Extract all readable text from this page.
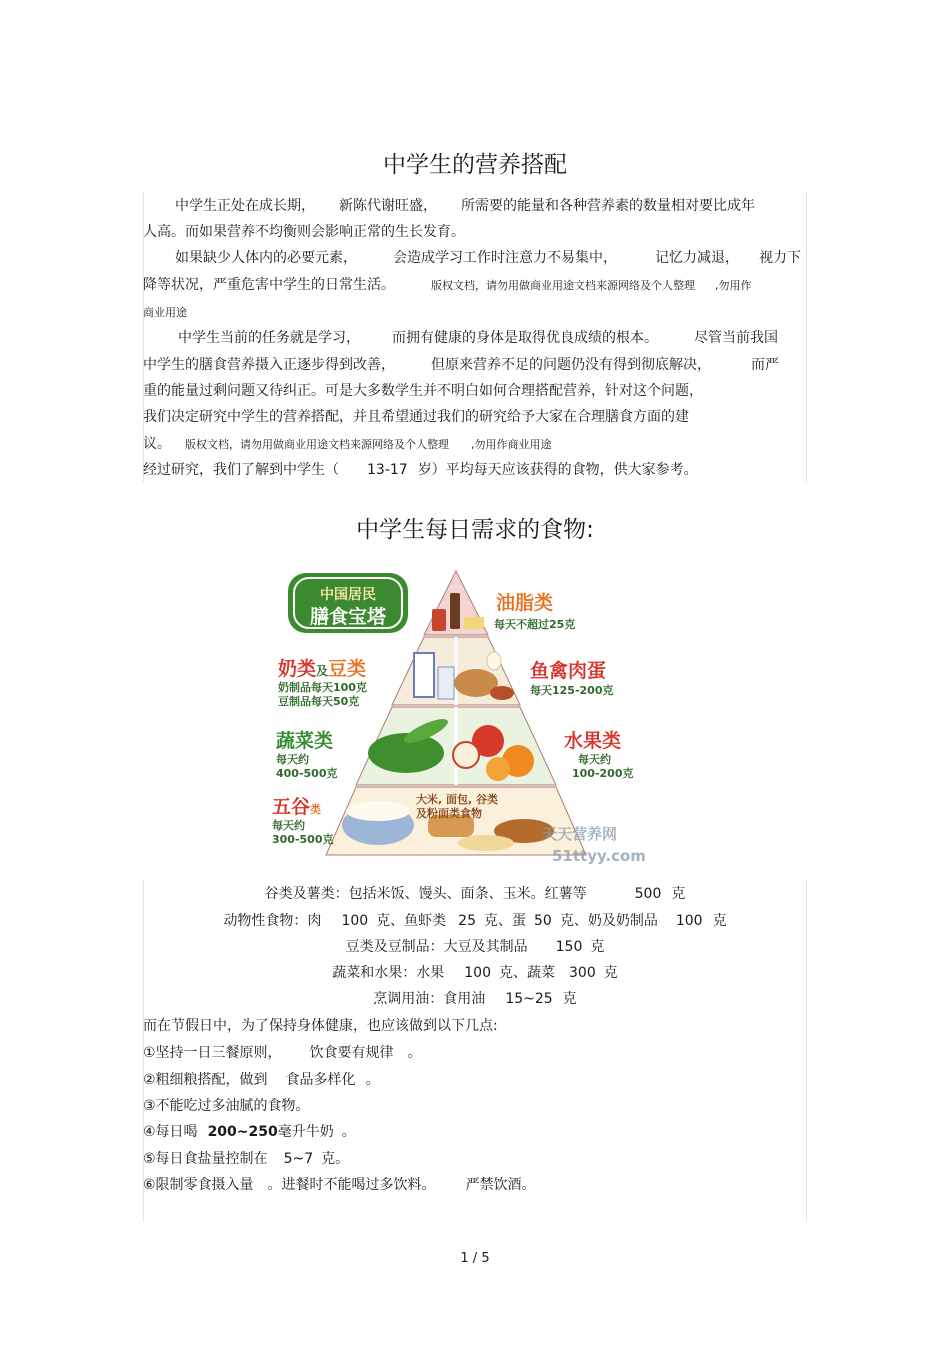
中学生的营养搭配
中学生正处在成长期， 新陈代谢旺盛， 所需要的能量和各种营养素的数量相对要比成年
人高。而如果营养不均衡则会影响正常的生长发育。
如果缺少人体内的必要元素，	会造成学习工作时注意力不易集中，	记忆力减退， 视力下
降等状况，严重危害中学生的日常生活。	版权文档，请勿用做商业用途文档来源网络及个人整理 ,勿用作
商业用途
中学生当前的任务就是学习， 而拥有健康的身体是取得优良成绩的根本。	尽管当前我国
中学生的膳食营养摄入正逐步得到改善，	但原来营养不足的问题仍没有得到彻底解决，	而严
重的能量过剩问题又待纠正。可是大多数学生并不明白如何合理搭配营养，针对这个问题，
我们决定研究中学生的营养搭配，并且希望通过我们的研究给予大家在合理膳食方面的建
议。 版权文档，请勿用做商业用途文档来源网络及个人整理 ,勿用作商业用途
经过研究，我们了解到中学生（ 13-17 岁）平均每天应该获得的食物，供大家参考。
中学生每日需求的食物:
中国居民
膳食宝塔
油脂类
每天不超过25克
奶类及豆类
奶制品每天100克
豆制品每天50克
鱼禽肉蛋
每天125-200克
蔬菜类
每天约
400-500克
水果类
每天约
100-200克
五谷类
每天约
300-500克
大米, 面包, 谷类
及粉面类食物
天天营养网
51ttyy.com
谷类及薯类：包括米饭、馒头、面条、玉米。红薯等	500 克
动物性食物：肉 100 克、鱼虾类 25 克、蛋 50 克、奶及奶制品 100 克
豆类及豆制品：大豆及其制品 150 克
蔬菜和水果：水果 100 克、蔬菜 300 克
烹调用油：食用油 15~25 克
而在节假日中，为了保持身体健康，也应该做到以下几点:
①坚持一日三餐原则， 饮食要有规律 。
②粗细粮搭配，做到 食品多样化 。
③不能吃过多油腻的食物。
④每日喝 200~250毫升牛奶 。
⑤每日食盐量控制在 5~7 克。
⑥限制零食摄入量 。进餐时不能喝过多饮料。 严禁饮酒。
1 / 5
